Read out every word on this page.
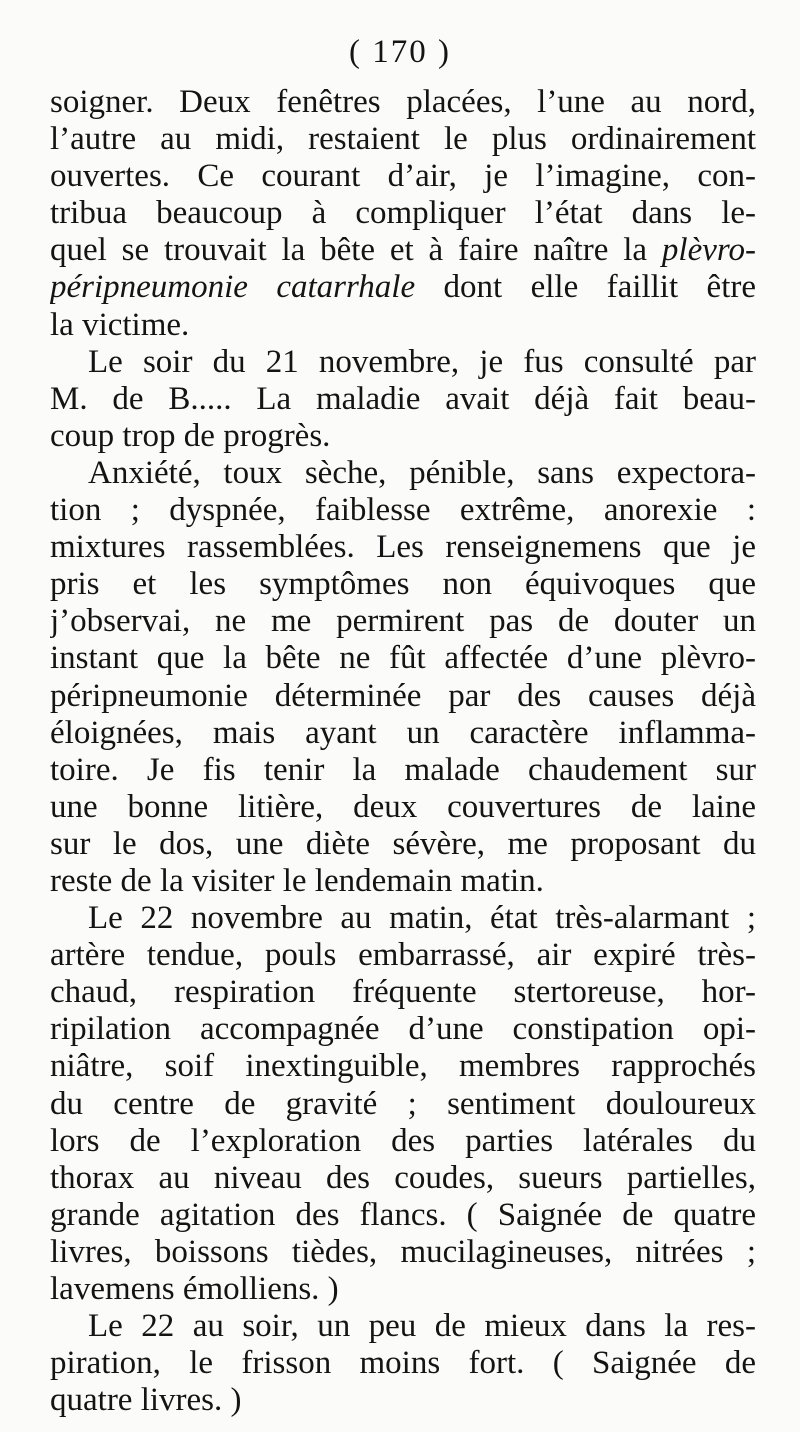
( 170 )
soigner. Deux fenêtres placées, l’une au nord,
l’autre au midi, restaient le plus ordinairement
ouvertes. Ce courant d’air, je l’imagine, con-
tribua beaucoup à compliquer l’état dans le-
quel se trouvait la bête et à faire naître la plèvro-
péripneumonie catarrhale dont elle faillit être
la victime.
Le soir du 21 novembre, je fus consulté par
M. de B..... La maladie avait déjà fait beau-
coup trop de progrès.
Anxiété, toux sèche, pénible, sans expectora-
tion ; dyspnée, faiblesse extrême, anorexie :
mixtures rassemblées. Les renseignemens que je
pris et les symptômes non équivoques que
j’observai, ne me permirent pas de douter un
instant que la bête ne fût affectée d’une plèvro-
péripneumonie déterminée par des causes déjà
éloignées, mais ayant un caractère inflamma-
toire. Je fis tenir la malade chaudement sur
une bonne litière, deux couvertures de laine
sur le dos, une diète sévère, me proposant du
reste de la visiter le lendemain matin.
Le 22 novembre au matin, état très-alarmant ;
artère tendue, pouls embarrassé, air expiré très-
chaud, respiration fréquente stertoreuse, hor-
ripilation accompagnée d’une constipation opi-
niâtre, soif inextinguible, membres rapprochés
du centre de gravité ; sentiment douloureux
lors de l’exploration des parties latérales du
thorax au niveau des coudes, sueurs partielles,
grande agitation des flancs. ( Saignée de quatre
livres, boissons tièdes, mucilagineuses, nitrées ;
lavemens émolliens. )
Le 22 au soir, un peu de mieux dans la res-
piration, le frisson moins fort. ( Saignée de
quatre livres. )
